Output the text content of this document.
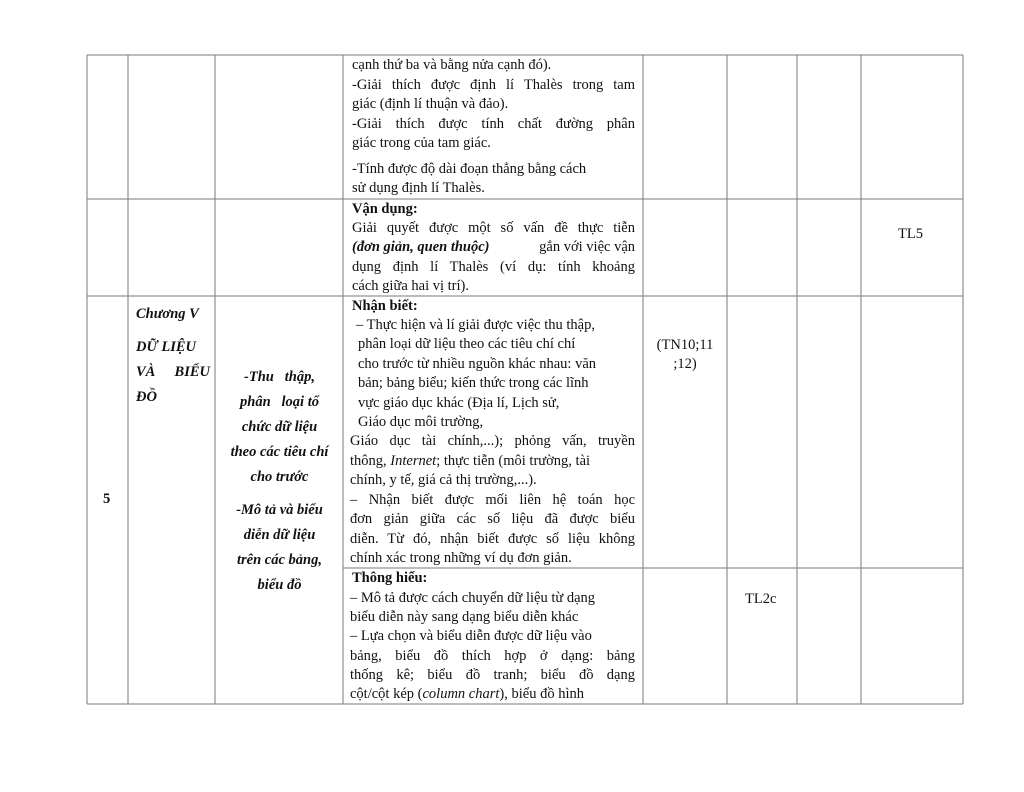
cạnh thứ ba và bằng nửa cạnh đó).
-Giải thích được định lí Thalès trong tam
giác (định lí thuận và đảo).
-Giải thích được tính chất đường phân
giác trong của tam giác.
-Tính được độ dài đoạn thẳng bằng cách
sử dụng định lí Thalès.
Vận dụng:
Giải quyết được một số vấn đề thực tiễn
(đơn giản, quen thuộc)	gắn với việc vận
dụng định lí Thalès (ví dụ: tính khoảng
cách giữa hai vị trí).
TL5
5
Chương V
DỮ LIỆU
VÀ BIỂU
ĐỒ
-Thu   thập,
phân   loại tổ
chức dữ liệu
theo các tiêu chí
cho trước
-Mô tả và biểu
diễn dữ liệu
trên các bảng,
biểu đồ
Nhận biết:
– Thực hiện và lí giải được việc thu thập,
phân loại dữ liệu theo các tiêu chí chí
cho trước từ nhiều nguồn khác nhau: văn
bản; bảng biểu; kiến thức trong các lĩnh
vực giáo dục khác (Địa lí, Lịch sử,
Giáo dục môi trường,
Giáo dục tài chính,...); phỏng vấn, truyền
thông, Internet ; thực tiễn (môi trường, tài
chính, y tế, giá cả thị trường,...).
– Nhận biết được mối liên hệ toán học
đơn giản giữa các số liệu đã được biểu
diễn. Từ đó, nhận biết được số liệu không
chính xác trong những ví dụ đơn giản.
(TN10;11
;12)
Thông hiểu:
– Mô tả được cách chuyển dữ liệu từ dạng
biểu diễn này sang dạng biểu diễn khác
– Lựa chọn và biểu diễn được dữ liệu vào
bảng, biểu đồ thích hợp ở dạng: bảng
thống kê; biểu đồ tranh; biểu đồ dạng
cột/cột kép ( column chart ), biểu đồ hình
TL2c
